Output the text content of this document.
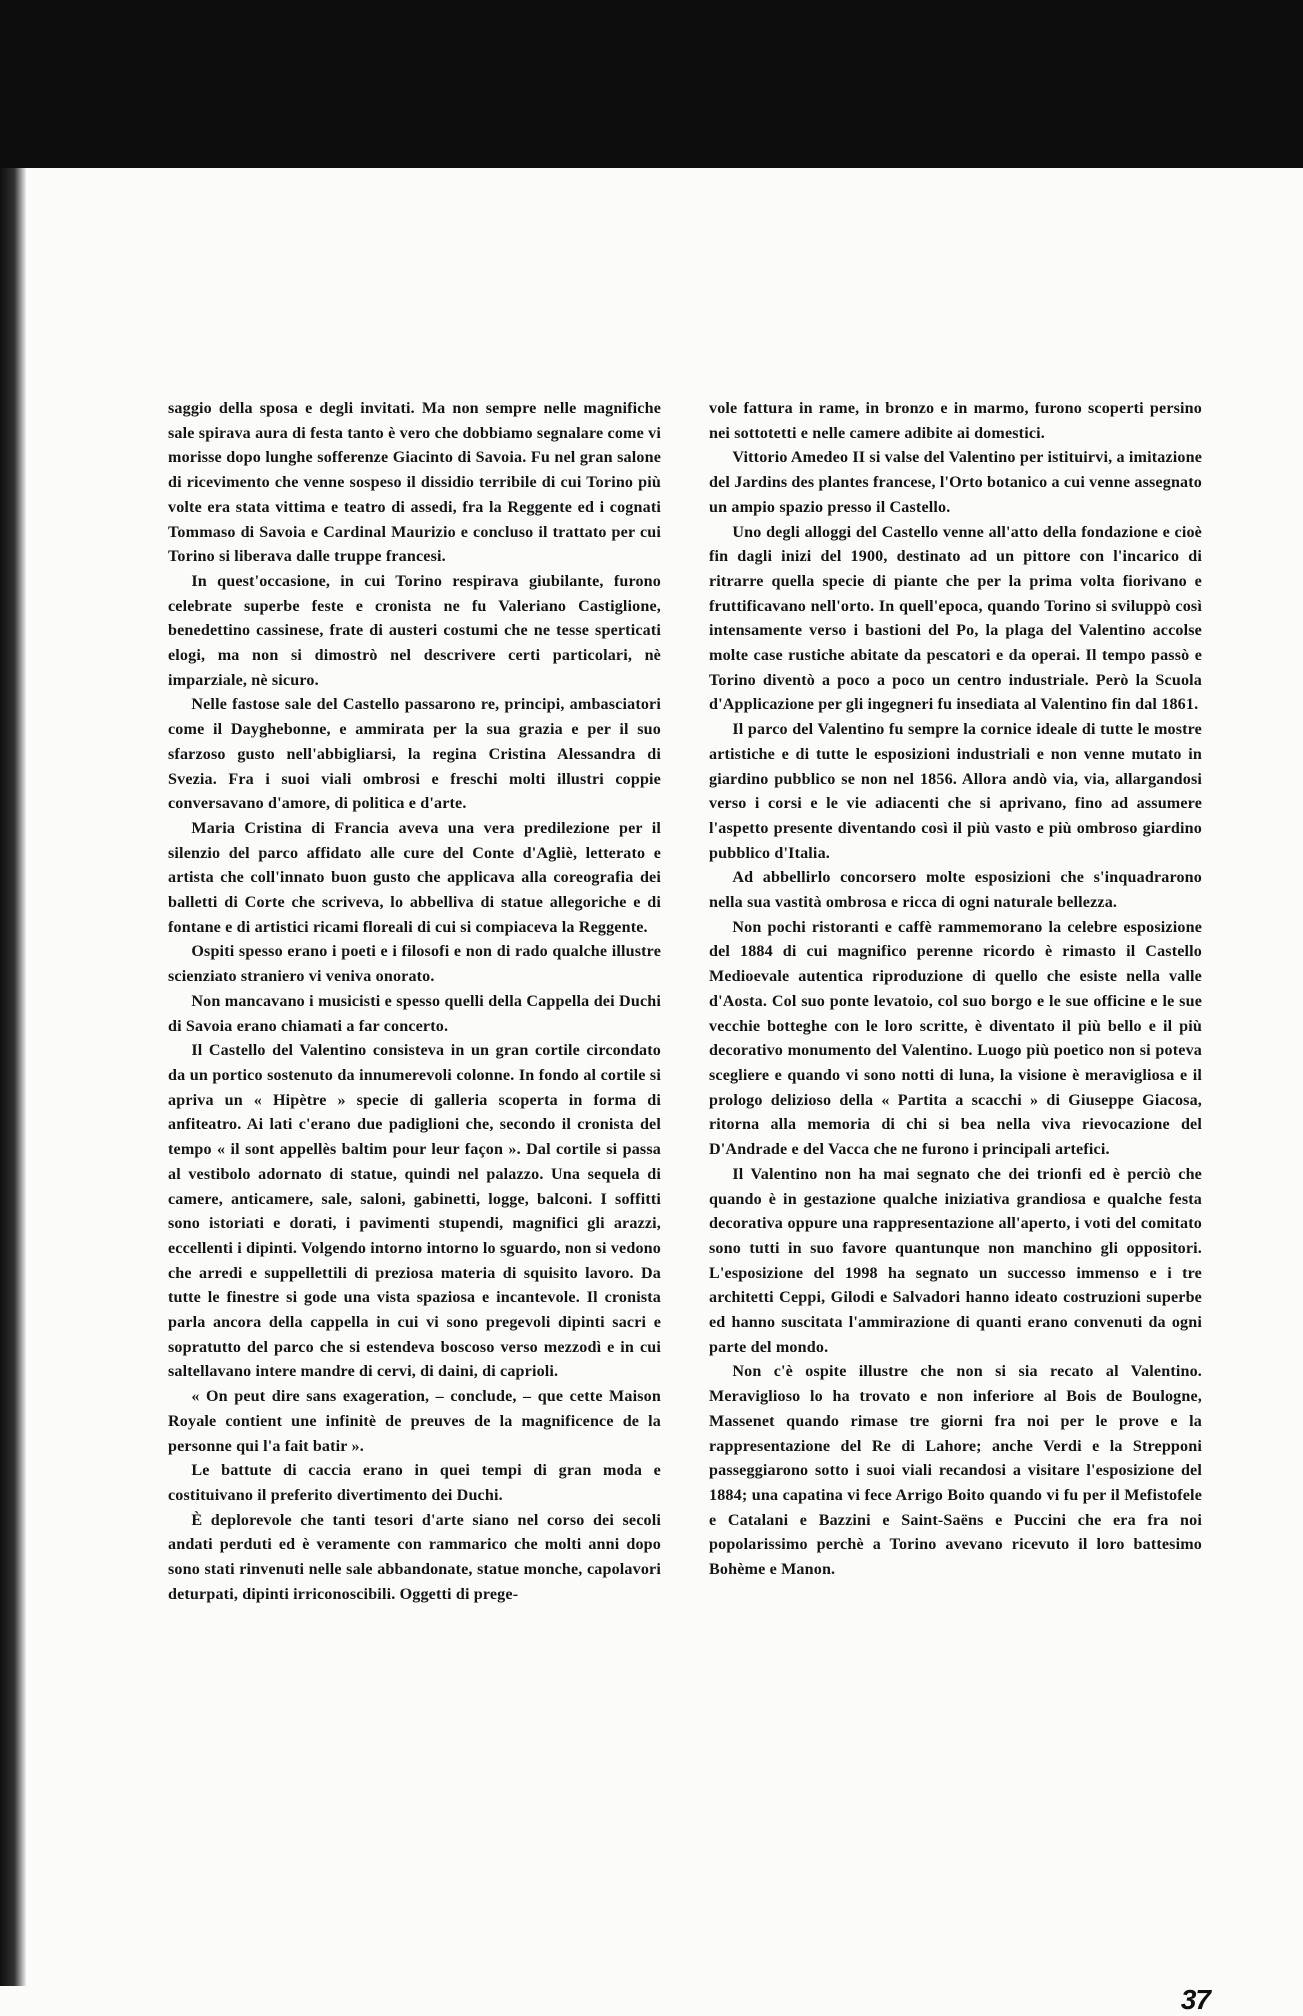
saggio della sposa e degli invitati. Ma non sempre nelle magnifiche sale spirava aura di festa tanto è vero che dobbiamo segnalare come vi morisse dopo lunghe sofferenze Giacinto di Savoia. Fu nel gran salone di ricevimento che venne sospeso il dissidio terribile di cui Torino più volte era stata vittima e teatro di assedi, fra la Reggente ed i cognati Tommaso di Savoia e Cardinal Maurizio e concluso il trattato per cui Torino si liberava dalle truppe francesi.

In quest'occasione, in cui Torino respirava giubilante, furono celebrate superbe feste e cronista ne fu Valeriano Castiglione, benedettino cassinese, frate di austeri costumi che ne tesse sperticati elogi, ma non si dimostrò nel descrivere certi particolari, nè imparziale, nè sicuro.

Nelle fastose sale del Castello passarono re, principi, ambasciatori come il Dayghebonne, e ammirata per la sua grazia e per il suo sfarzoso gusto nell'abbigliarsi, la regina Cristina Alessandra di Svezia. Fra i suoi viali ombrosi e freschi molti illustri coppie conversavano d'amore, di politica e d'arte.

Maria Cristina di Francia aveva una vera predilezione per il silenzio del parco affidato alle cure del Conte d'Agliè, letterato e artista che coll'innato buon gusto che applicava alla coreografia dei balletti di Corte che scriveva, lo abbelliva di statue allegoriche e di fontane e di artistici ricami floreali di cui si compiaceva la Reggente.

Ospiti spesso erano i poeti e i filosofi e non di rado qualche illustre scienziato straniero vi veniva onorato.

Non mancavano i musicisti e spesso quelli della Cappella dei Duchi di Savoia erano chiamati a far concerto.

Il Castello del Valentino consisteva in un gran cortile circondato da un portico sostenuto da innumerevoli colonne. In fondo al cortile si apriva un « Hipètre » specie di galleria scoperta in forma di anfiteatro. Ai lati c'erano due padiglioni che, secondo il cronista del tempo « il sont appellès baltim pour leur façon ». Dal cortile si passa al vestibolo adornato di statue, quindi nel palazzo. Una sequela di camere, anticamere, sale, saloni, gabinetti, logge, balconi. I soffitti sono istoriati e dorati, i pavimenti stupendi, magnifici gli arazzi, eccellenti i dipinti. Volgendo intorno intorno lo sguardo, non si vedono che arredi e suppellettili di preziosa materia di squisito lavoro. Da tutte le finestre si gode una vista spaziosa e incantevole. Il cronista parla ancora della cappella in cui vi sono pregevoli dipinti sacri e sopratutto del parco che si estendeva boscoso verso mezzodì e in cui saltellavano intere mandre di cervi, di daini, di caprioli.

« On peut dire sans exageration, – conclude, – que cette Maison Royale contient une infinitè de preuves de la magnificence de la personne qui l'a fait batir ».

Le battute di caccia erano in quei tempi di gran moda e costituivano il preferito divertimento dei Duchi.

È deplorevole che tanti tesori d'arte siano nel corso dei secoli andati perduti ed è veramente con rammarico che molti anni dopo sono stati rinvenuti nelle sale abbandonate, statue monche, capolavori deturpati, dipinti irriconoscibili. Oggetti di prege-

vole fattura in rame, in bronzo e in marmo, furono scoperti persino nei sottotetti e nelle camere adibite ai domestici.

Vittorio Amedeo II si valse del Valentino per istituirvi, a imitazione del Jardins des plantes francese, l'Orto botanico a cui venne assegnato un ampio spazio presso il Castello.

Uno degli alloggi del Castello venne all'atto della fondazione e cioè fin dagli inizi del 1900, destinato ad un pittore con l'incarico di ritrarre quella specie di piante che per la prima volta fiorivano e fruttificavano nell'orto. In quell'epoca, quando Torino si sviluppò così intensamente verso i bastioni del Po, la plaga del Valentino accolse molte case rustiche abitate da pescatori e da operai. Il tempo passò e Torino diventò a poco a poco un centro industriale. Però la Scuola d'Applicazione per gli ingegneri fu insediata al Valentino fin dal 1861.

Il parco del Valentino fu sempre la cornice ideale di tutte le mostre artistiche e di tutte le esposizioni industriali e non venne mutato in giardino pubblico se non nel 1856. Allora andò via, via, allargandosi verso i corsi e le vie adiacenti che si aprivano, fino ad assumere l'aspetto presente diventando così il più vasto e più ombroso giardino pubblico d'Italia.

Ad abbellirlo concorsero molte esposizioni che s'inquadrarono nella sua vastità ombrosa e ricca di ogni naturale bellezza.

Non pochi ristoranti e caffè rammemorano la celebre esposizione del 1884 di cui magnifico perenne ricordo è rimasto il Castello Medioevale autentica riproduzione di quello che esiste nella valle d'Aosta. Col suo ponte levatoio, col suo borgo e le sue officine e le sue vecchie botteghe con le loro scritte, è diventato il più bello e il più decorativo monumento del Valentino. Luogo più poetico non si poteva scegliere e quando vi sono notti di luna, la visione è meravigliosa e il prologo delizioso della « Partita a scacchi » di Giuseppe Giacosa, ritorna alla memoria di chi si bea nella viva rievocazione del D'Andrade e del Vacca che ne furono i principali artefici.

Il Valentino non ha mai segnato che dei trionfi ed è perciò che quando è in gestazione qualche iniziativa grandiosa e qualche festa decorativa oppure una rappresentazione all'aperto, i voti del comitato sono tutti in suo favore quantunque non manchino gli oppositori. L'esposizione del 1998 ha segnato un successo immenso e i tre architetti Ceppi, Gilodi e Salvadori hanno ideato costruzioni superbe ed hanno suscitata l'ammirazione di quanti erano convenuti da ogni parte del mondo.

Non c'è ospite illustre che non si sia recato al Valentino. Meraviglioso lo ha trovato e non inferiore al Bois de Boulogne, Massenet quando rimase tre giorni fra noi per le prove e la rappresentazione del Re di Lahore; anche Verdi e la Strepponi passeggiarono sotto i suoi viali recandosi a visitare l'esposizione del 1884; una capatina vi fece Arrigo Boito quando vi fu per il Mefistofele e Catalani e Bazzini e Saint-Saëns e Puccini che era fra noi popolarissimo perchè a Torino avevano ricevuto il loro battesimo Bohème e Manon.

37
